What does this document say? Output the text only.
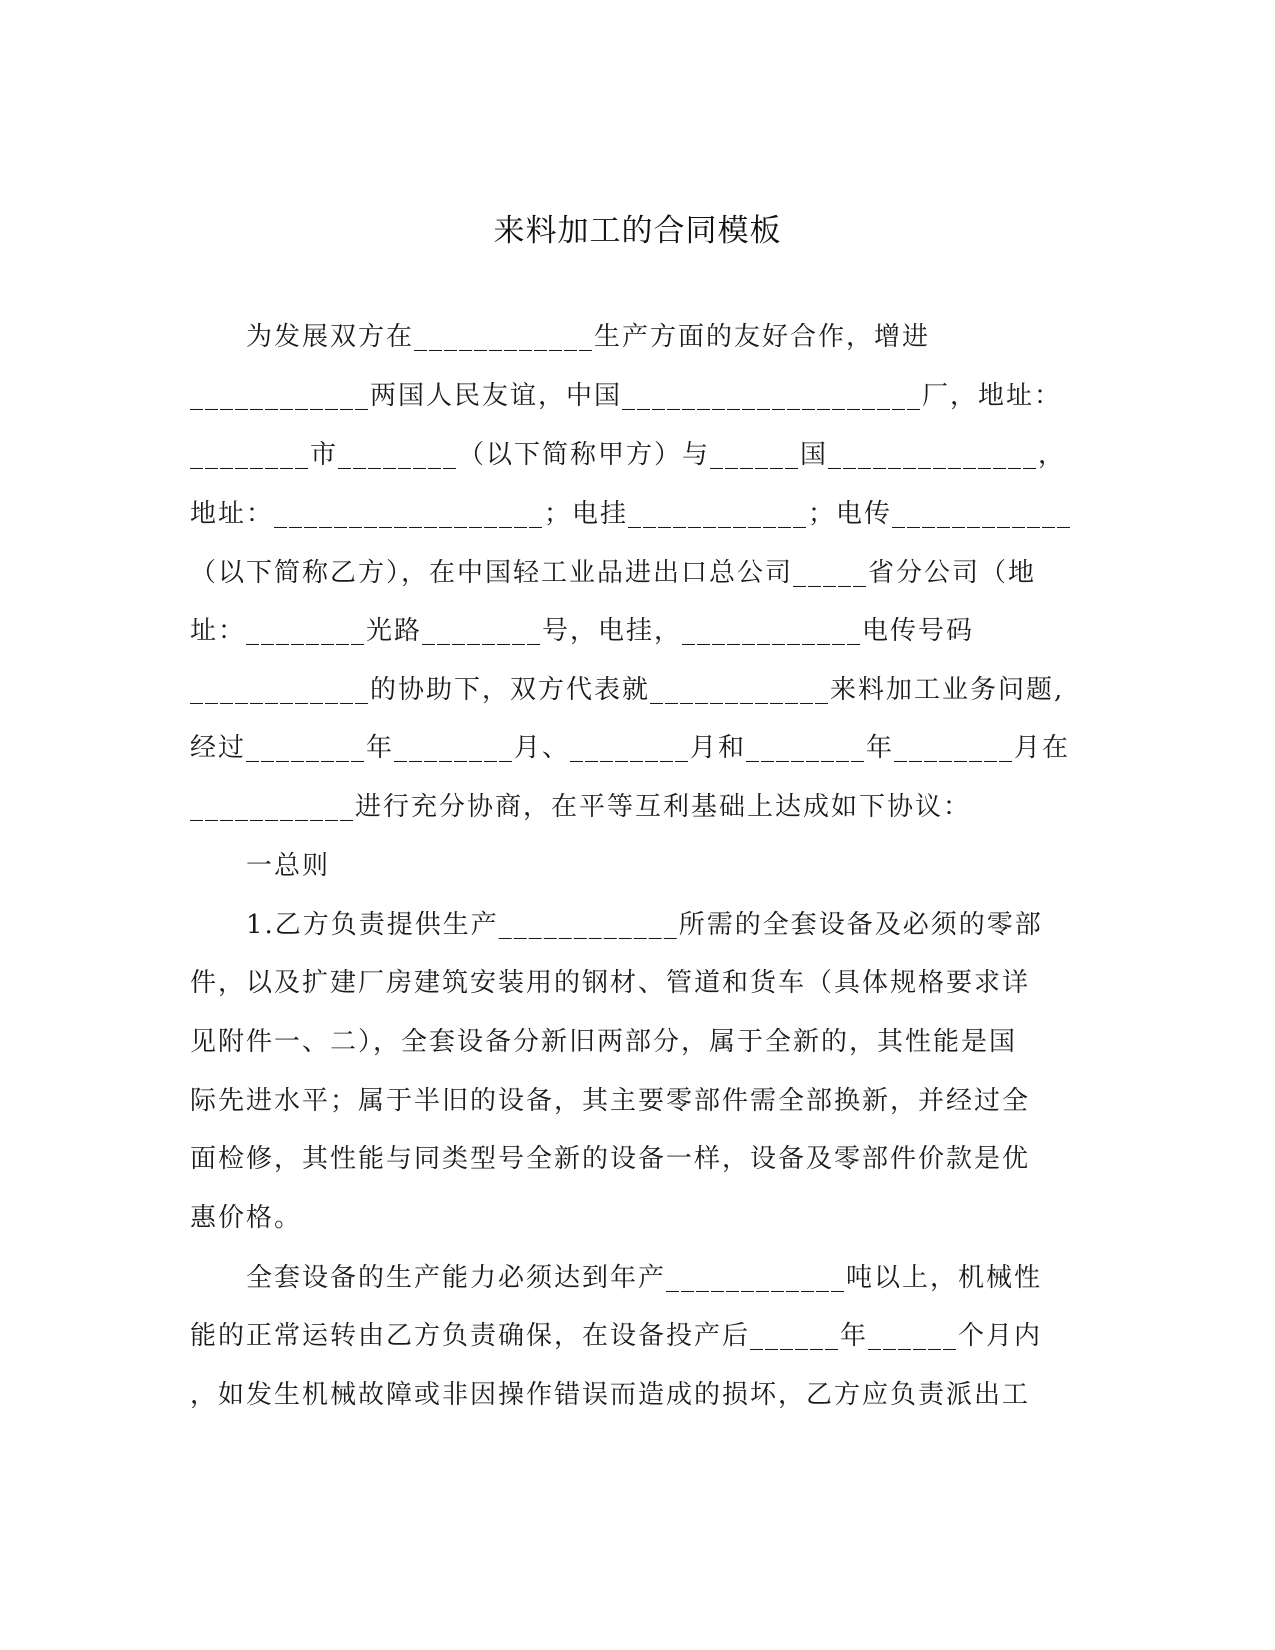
来料加工的合同模板
　　为发展双方在____________生产方面的友好合作，增进
____________两国人民友谊，中国____________________厂，地址：
________市________（以下简称甲方）与______国______________，
地址：__________________；电挂____________；电传____________
（以下简称乙方），在中国轻工业品进出口总公司_____省分公司（地
址：________光路________号，电挂，____________电传号码
____________的协助下，双方代表就____________来料加工业务问题,
经过________年________月、________月和________年________月在
___________进行充分协商，在平等互利基础上达成如下协议：
　　一总则
　　1.乙方负责提供生产____________所需的全套设备及必须的零部
件，以及扩建厂房建筑安装用的钢材、管道和货车（具体规格要求详
见附件一、二），全套设备分新旧两部分，属于全新的，其性能是国
际先进水平；属于半旧的设备，其主要零部件需全部换新，并经过全
面检修，其性能与同类型号全新的设备一样，设备及零部件价款是优
惠价格。
　　全套设备的生产能力必须达到年产____________吨以上，机械性
能的正常运转由乙方负责确保，在设备投产后______年______个月内
，如发生机械故障或非因操作错误而造成的损坏，乙方应负责派出工
